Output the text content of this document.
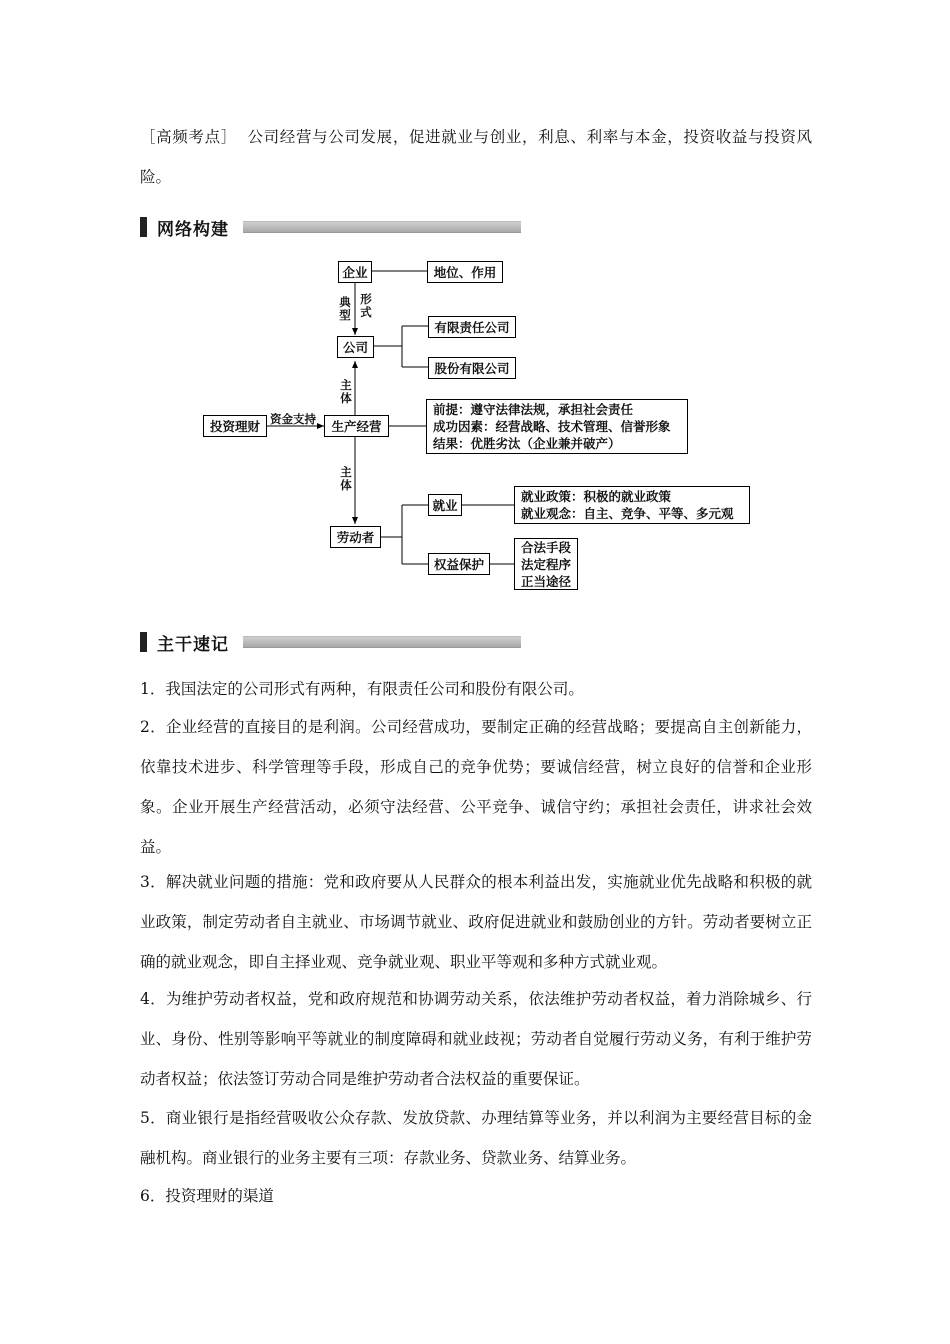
［高频考点］ 公司经营与公司发展，促进就业与创业，利息、利率与本金，投资收益与投资风险。

网络构建
企业	地位、作用
典型
形式
公司
有限责任公司
股份有限公司
主体
投资理财 资金支持	生产经营
前提：遵守法律法规，承担社会责任
成功因素：经营战略、技术管理、信誉形象
结果：优胜劣汰（企业兼并破产）
主体
劳动者
就业
权益保护
就业政策：积极的就业政策
就业观念：自主、竞争、平等、多元观
合法手段
法定程序
正当途径
主干速记

1．我国法定的公司形式有两种，有限责任公司和股份有限公司。

2．企业经营的直接目的是利润。公司经营成功，要制定正确的经营战略；要提高自主创新能力，依靠技术进步、科学管理等手段，形成自己的竞争优势；要诚信经营，树立良好的信誉和企业形象。企业开展生产经营活动，必须守法经营、公平竞争、诚信守约；承担社会责任，讲求社会效益。

3．解决就业问题的措施：党和政府要从人民群众的根本利益出发，实施就业优先战略和积极的就业政策，制定劳动者自主就业、市场调节就业、政府促进就业和鼓励创业的方针。劳动者要树立正确的就业观念，即自主择业观、竞争就业观、职业平等观和多种方式就业观。

4．为维护劳动者权益，党和政府规范和协调劳动关系，依法维护劳动者权益，着力消除城乡、行业、身份、性别等影响平等就业的制度障碍和就业歧视；劳动者自觉履行劳动义务，有利于维护劳动者权益；依法签订劳动合同是维护劳动者合法权益的重要保证。

5．商业银行是指经营吸收公众存款、发放贷款、办理结算等业务，并以利润为主要经营目标的金融机构。商业银行的业务主要有三项：存款业务、贷款业务、结算业务。

6．投资理财的渠道
